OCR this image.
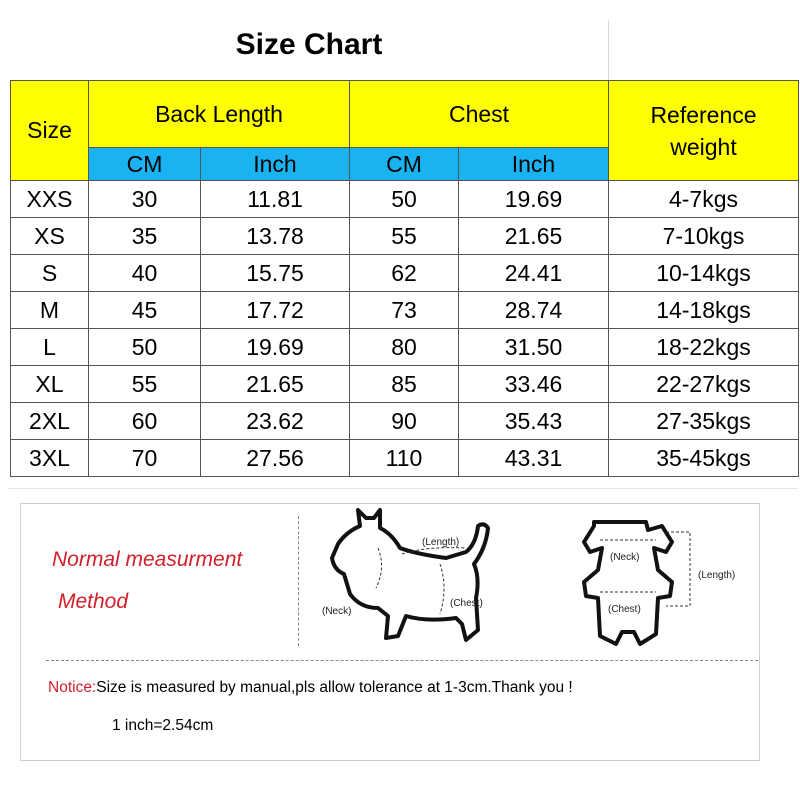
Size Chart
Size	Back Length		Chest		Reference
weight
	CM	Inch	CM	Inch	
XXS	30	11.81	50	19.69	4-7kgs
XS	35	13.78	55	21.65	7-10kgs
S	40	15.75	62	24.41	10-14kgs
M	45	17.72	73	28.74	14-18kgs
L	50	19.69	80	31.50	18-22kgs
XL	55	21.65	85	33.46	22-27kgs
2XL	60	23.62	90	35.43	27-35kgs
3XL	70	27.56	110	43.31	35-45kgs
Normal measurment
Method
(Length)
(Neck)
(Chest)
(Neck)
(Length)
(Chest)
Notice:Size is measured by manual,pls allow tolerance at 1-3cm.Thank you !
1 inch=2.54cm
